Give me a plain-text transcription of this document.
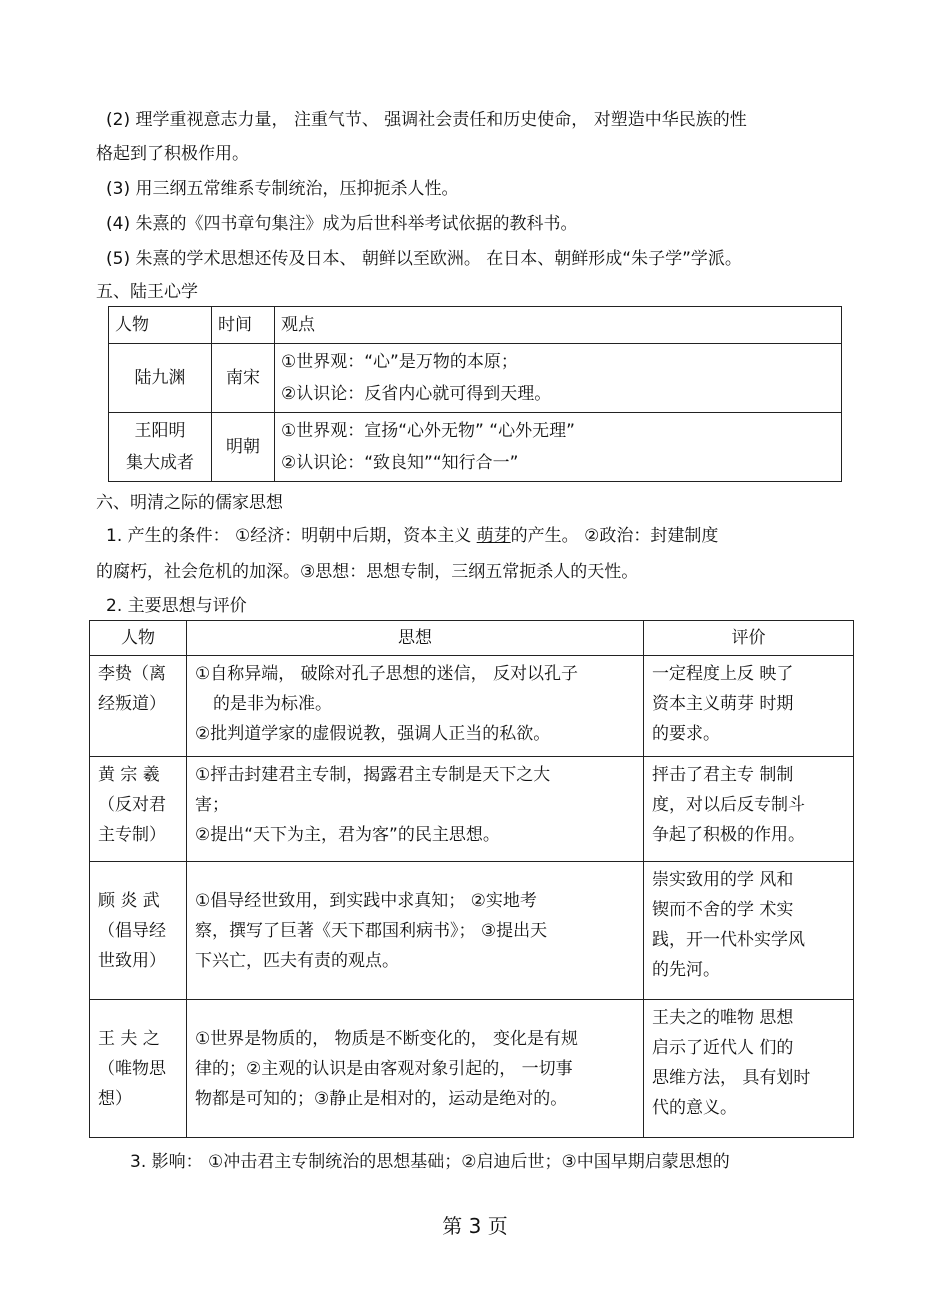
(2) 理学重视意志力量， 注重气节、 强调社会责任和历史使命， 对塑造中华民族的性
格起到了积极作用。
(3) 用三纲五常维系专制统治，压抑扼杀人性。
(4) 朱熹的《四书章句集注》成为后世科举考试依据的教科书。
(5) 朱熹的学术思想还传及日本、 朝鲜以至欧洲。 在日本、朝鲜形成“朱子学”学派。
五、陆王心学
人物	时间	观点
陆九渊	南宋	①世界观：“心”是万物的本原；
②认识论：反省内心就可得到天理。

王阳明
集大成者	明朝	①世界观：宣扬“心外无物” “心外无理”
②认识论：“致良知”“知行合一”
六、明清之际的儒家思想
1. 产生的条件： ①经济：明朝中后期，资本主义 萌芽的产生。 ②政治：封建制度
的腐朽，社会危机的加深。③思想：思想专制，三纲五常扼杀人的天性。
2. 主要思想与评价
人物	思想	评价

李贽（离
经叛道）	①自称异端， 破除对孔子思想的迷信， 反对以孔子
的是非为标准。
②批判道学家的虚假说教，强调人正当的私欲。	一定程度上反 映了
资本主义萌芽 时期
的要求。

黄 宗 羲
（反对君
主专制）	①抨击封建君主专制，揭露君主专制是天下之大
害；
②提出“天下为主，君为客”的民主思想。	抨击了君主专 制制
度，对以后反专制斗
争起了积极的作用。

顾 炎 武
（倡导经
世致用）	①倡导经世致用，到实践中求真知； ②实地考
察，撰写了巨著《天下郡国利病书》； ③提出天
下兴亡，匹夫有责的观点。	崇实致用的学 风和
锲而不舍的学 术实
践，开一代朴实学风
的先河。

王 夫 之
（唯物思
想）	①世界是物质的， 物质是不断变化的， 变化是有规
律的；②主观的认识是由客观对象引起的， 一切事
物都是可知的；③静止是相对的，运动是绝对的。	王夫之的唯物 思想
启示了近代人 们的
思维方法， 具有划时
代的意义。
3. 影响： ①冲击君主专制统治的思想基础；②启迪后世；③中国早期启蒙思想的
第 3 页
